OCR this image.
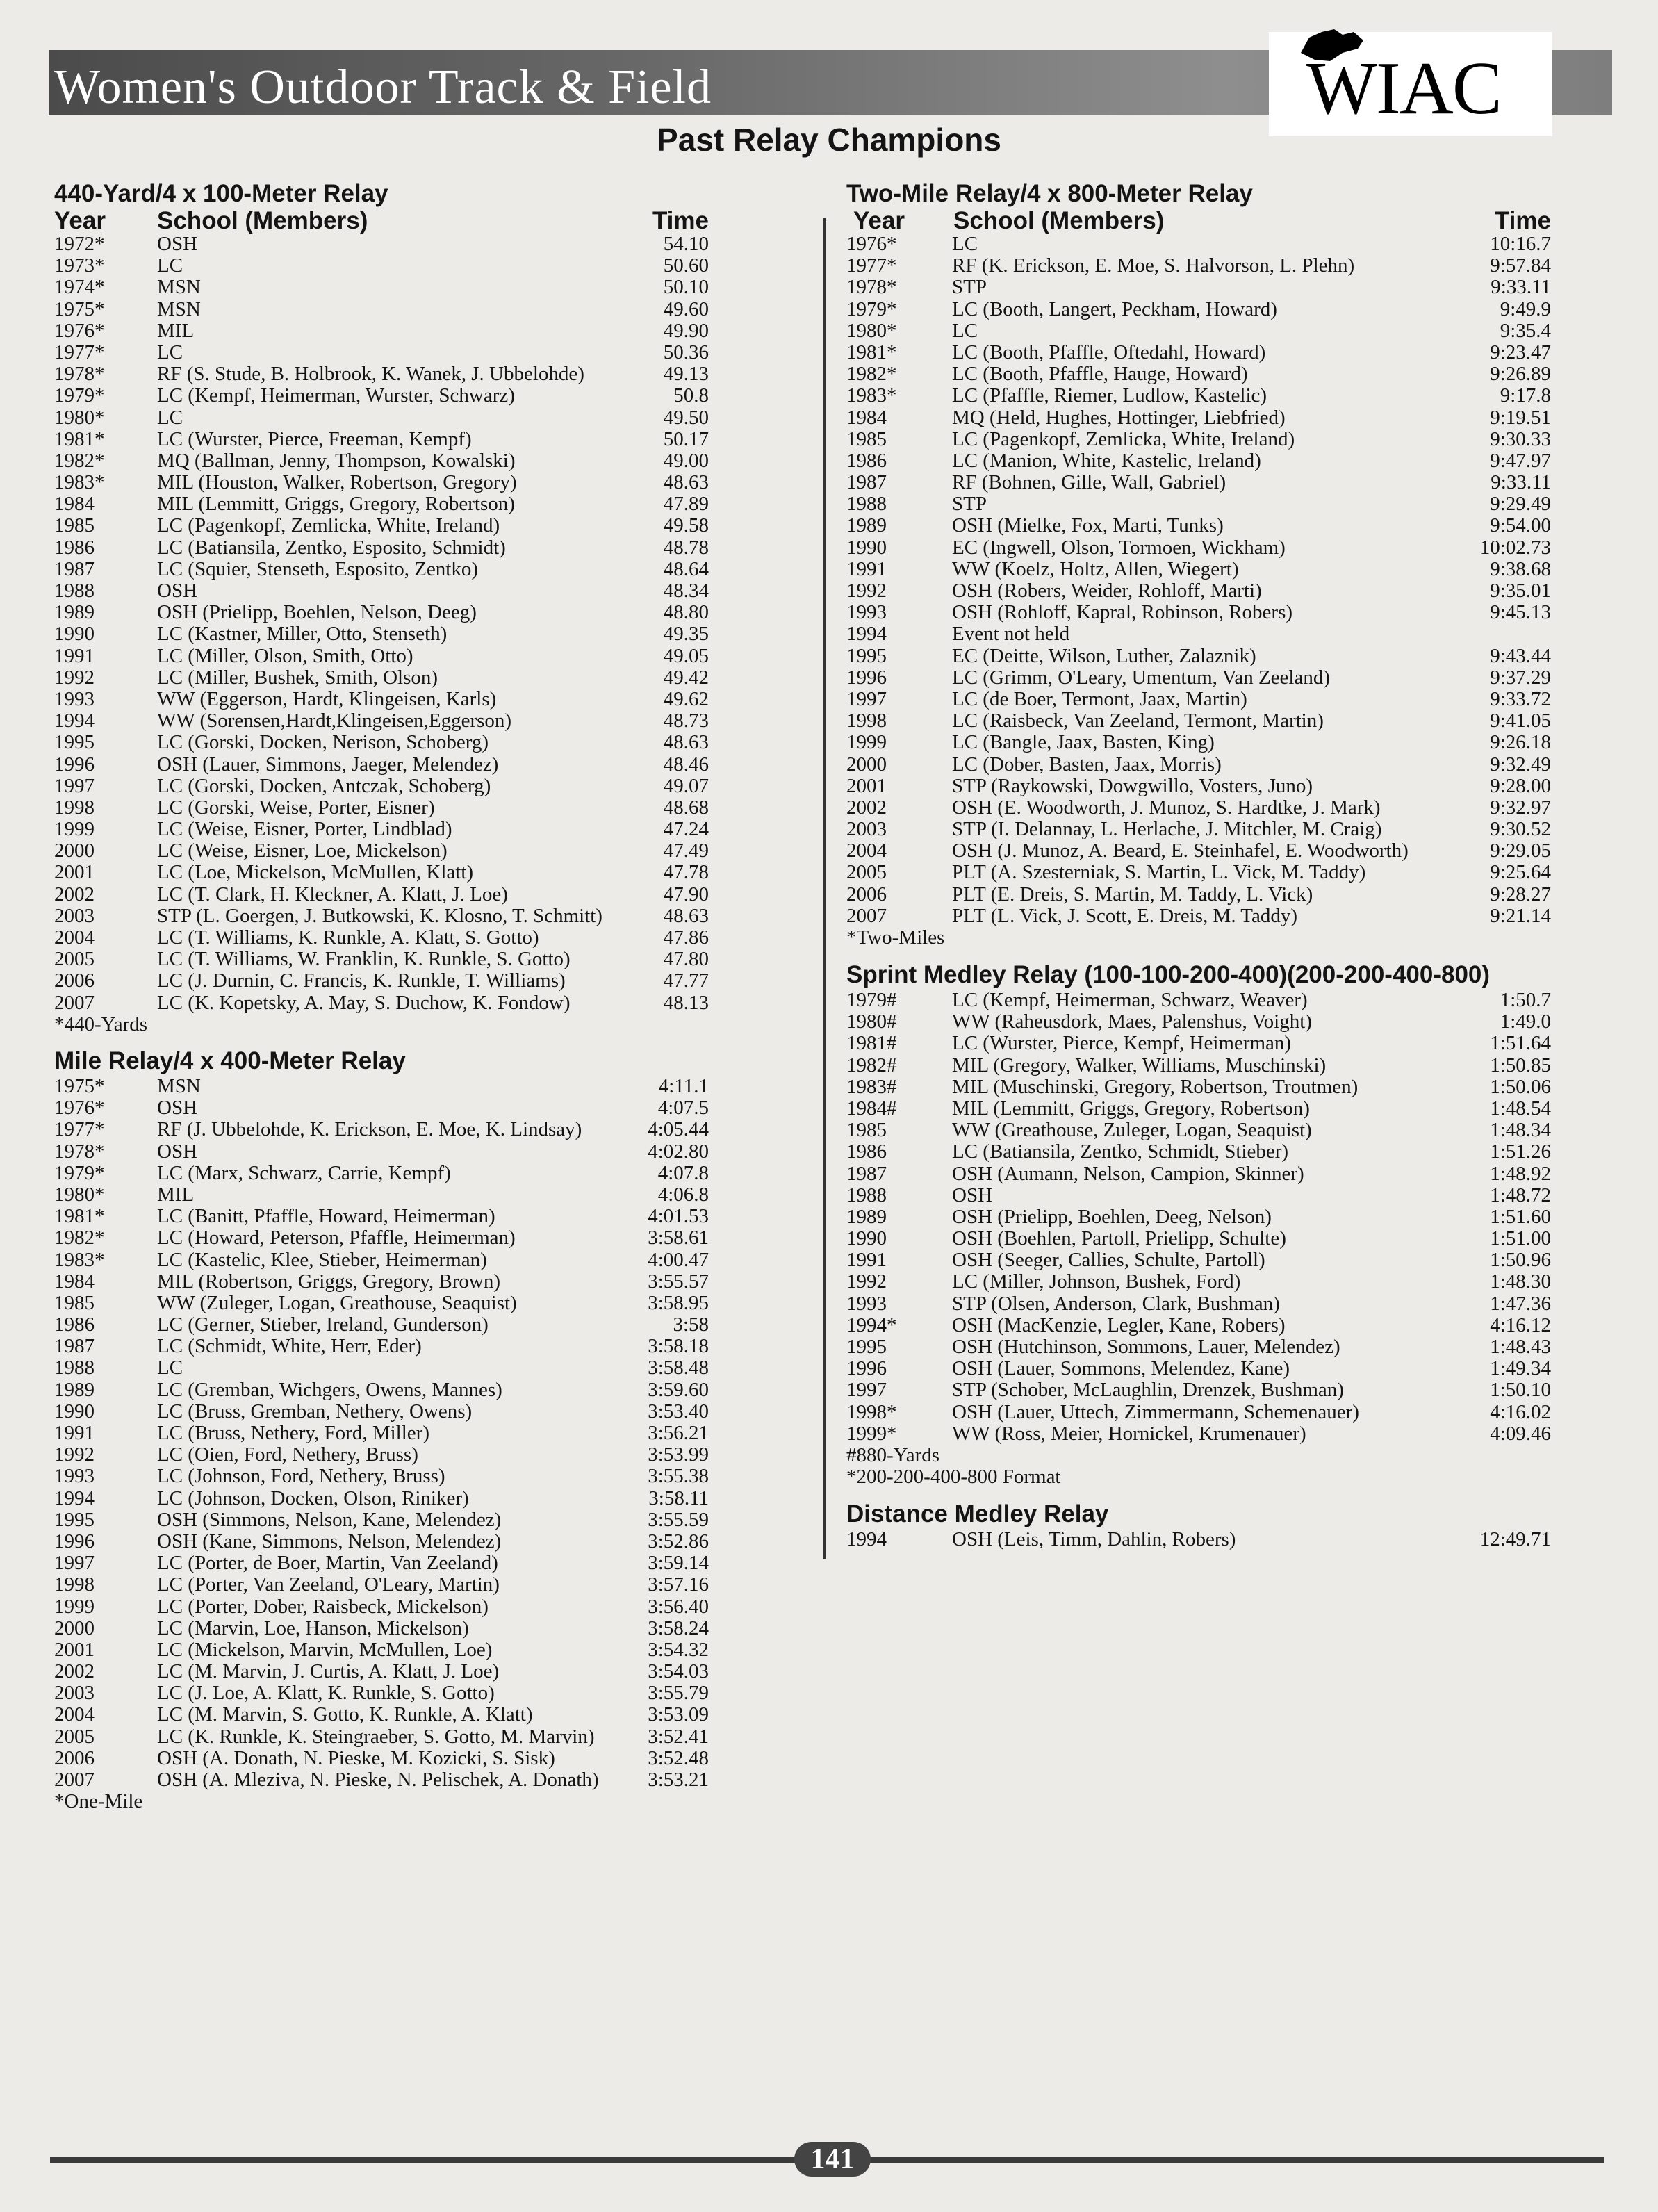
Women's Outdoor Track & Field	WIAC
Past Relay Champions
440-Yard/4 x 100-Meter Relay
Year School (Members)	Time
1972*	OSH	54.10
1973*	LC	50.60
1974*	MSN	50.10
1975*	MSN	49.60
1976*	MIL	49.90
1977*	LC	50.36
1978*	RF (S. Stude, B. Holbrook, K. Wanek, J. Ubbelohde)	49.13
1979*	LC (Kempf, Heimerman, Wurster, Schwarz)	50.8
1980*	LC	49.50
1981*	LC (Wurster, Pierce, Freeman, Kempf)	50.17
1982*	MQ (Ballman, Jenny, Thompson, Kowalski)	49.00
1983*	MIL (Houston, Walker, Robertson, Gregory)	48.63
1984	MIL (Lemmitt, Griggs, Gregory, Robertson)	47.89
1985	LC (Pagenkopf, Zemlicka, White, Ireland)	49.58
1986	LC (Batiansila, Zentko, Esposito, Schmidt)	48.78
1987	LC (Squier, Stenseth, Esposito, Zentko)	48.64
1988	OSH	48.34
1989	OSH (Prielipp, Boehlen, Nelson, Deeg)	48.80
1990	LC (Kastner, Miller, Otto, Stenseth)	49.35
1991	LC (Miller, Olson, Smith, Otto)	49.05
1992	LC (Miller, Bushek, Smith, Olson)	49.42
1993	WW (Eggerson, Hardt, Klingeisen, Karls)	49.62
1994	WW (Sorensen,Hardt,Klingeisen,Eggerson)	48.73
1995	LC (Gorski, Docken, Nerison, Schoberg)	48.63
1996	OSH (Lauer, Simmons, Jaeger, Melendez)	48.46
1997	LC (Gorski, Docken, Antczak, Schoberg)	49.07
1998	LC (Gorski, Weise, Porter, Eisner)	48.68
1999	LC (Weise, Eisner, Porter, Lindblad)	47.24
2000	LC (Weise, Eisner, Loe, Mickelson)	47.49
2001	LC (Loe, Mickelson, McMullen, Klatt)	47.78
2002	LC (T. Clark, H. Kleckner, A. Klatt, J. Loe)	47.90
2003	STP (L. Goergen, J. Butkowski, K. Klosno, T. Schmitt)	48.63
2004	LC (T. Williams, K. Runkle, A. Klatt, S. Gotto)	47.86
2005	LC (T. Williams, W. Franklin, K. Runkle, S. Gotto)	47.80
2006	LC (J. Durnin, C. Francis, K. Runkle, T. Williams)	47.77
2007	LC (K. Kopetsky, A. May, S. Duchow, K. Fondow)	48.13
*440-Yards
Mile Relay/4 x 400-Meter Relay
1975*	MSN	4:11.1
1976*	OSH	4:07.5
1977*	RF (J. Ubbelohde, K. Erickson, E. Moe, K. Lindsay)	4:05.44
1978*	OSH	4:02.80
1979*	LC (Marx, Schwarz, Carrie, Kempf)	4:07.8
1980*	MIL	4:06.8
1981*	LC (Banitt, Pfaffle, Howard, Heimerman)	4:01.53
1982*	LC (Howard, Peterson, Pfaffle, Heimerman)	3:58.61
1983*	LC (Kastelic, Klee, Stieber, Heimerman)	4:00.47
1984	MIL (Robertson, Griggs, Gregory, Brown)	3:55.57
1985	WW (Zuleger, Logan, Greathouse, Seaquist)	3:58.95
1986	LC (Gerner, Stieber, Ireland, Gunderson)	3:58
1987	LC (Schmidt, White, Herr, Eder)	3:58.18
1988	LC	3:58.48
1989	LC (Gremban, Wichgers, Owens, Mannes)	3:59.60
1990	LC (Bruss, Gremban, Nethery, Owens)	3:53.40
1991	LC (Bruss, Nethery, Ford, Miller)	3:56.21
1992	LC (Oien, Ford, Nethery, Bruss)	3:53.99
1993	LC (Johnson, Ford, Nethery, Bruss)	3:55.38
1994	LC (Johnson, Docken, Olson, Riniker)	3:58.11
1995	OSH (Simmons, Nelson, Kane, Melendez)	3:55.59
1996	OSH (Kane, Simmons, Nelson, Melendez)	3:52.86
1997	LC (Porter, de Boer, Martin, Van Zeeland)	3:59.14
1998	LC (Porter, Van Zeeland, O'Leary, Martin)	3:57.16
1999	LC (Porter, Dober, Raisbeck, Mickelson)	3:56.40
2000	LC (Marvin, Loe, Hanson, Mickelson)	3:58.24
2001	LC (Mickelson, Marvin, McMullen, Loe)	3:54.32
2002	LC (M. Marvin, J. Curtis, A. Klatt, J. Loe)	3:54.03
2003	LC (J. Loe, A. Klatt, K. Runkle, S. Gotto)	3:55.79
2004	LC (M. Marvin, S. Gotto, K. Runkle, A. Klatt)	3:53.09
2005	LC (K. Runkle, K. Steingraeber, S. Gotto, M. Marvin)	3:52.41
2006	OSH (A. Donath, N. Pieske, M. Kozicki, S. Sisk)	3:52.48
2007	OSH (A. Mleziva, N. Pieske, N. Pelischek, A. Donath) 3:53.21
*One-Mile
Two-Mile Relay/4 x 800-Meter Relay
Year School (Members)	Time
1976*	LC	10:16.7
1977*	RF (K. Erickson, E. Moe, S. Halvorson, L. Plehn)	9:57.84
1978*	STP	9:33.11
1979*	LC (Booth, Langert, Peckham, Howard)	9:49.9
1980*	LC	9:35.4
1981*	LC (Booth, Pfaffle, Oftedahl, Howard)	9:23.47
1982*	LC (Booth, Pfaffle, Hauge, Howard)	9:26.89
1983*	LC (Pfaffle, Riemer, Ludlow, Kastelic)	9:17.8
1984	MQ (Held, Hughes, Hottinger, Liebfried)	9:19.51
1985	LC (Pagenkopf, Zemlicka, White, Ireland)	9:30.33
1986	LC (Manion, White, Kastelic, Ireland)	9:47.97
1987	RF (Bohnen, Gille, Wall, Gabriel)	9:33.11
1988	STP	9:29.49
1989	OSH (Mielke, Fox, Marti, Tunks)	9:54.00
1990	EC (Ingwell, Olson, Tormoen, Wickham)	10:02.73
1991	WW (Koelz, Holtz, Allen, Wiegert)	9:38.68
1992	OSH (Robers, Weider, Rohloff, Marti)	9:35.01
1993	OSH (Rohloff, Kapral, Robinson, Robers)	9:45.13
1994	Event not held
1995	EC (Deitte, Wilson, Luther, Zalaznik)	9:43.44
1996	LC (Grimm, O'Leary, Umentum, Van Zeeland)	9:37.29
1997	LC (de Boer, Termont, Jaax, Martin)	9:33.72
1998	LC (Raisbeck, Van Zeeland, Termont, Martin)	9:41.05
1999	LC (Bangle, Jaax, Basten, King)	9:26.18
2000	LC (Dober, Basten, Jaax, Morris)	9:32.49
2001	STP (Raykowski, Dowgwillo, Vosters, Juno)	9:28.00
2002	OSH (E. Woodworth, J. Munoz, S. Hardtke, J. Mark)	9:32.97
2003	STP (I. Delannay, L. Herlache, J. Mitchler, M. Craig)	9:30.52
2004	OSH (J. Munoz, A. Beard, E. Steinhafel, E. Woodworth)	9:29.05
2005	PLT (A. Szesterniak, S. Martin, L. Vick, M. Taddy)	9:25.64
2006	PLT (E. Dreis, S. Martin, M. Taddy, L. Vick)	9:28.27
2007	PLT (L. Vick, J. Scott, E. Dreis, M. Taddy)	9:21.14
*Two-Miles
Sprint Medley Relay (100-100-200-400)(200-200-400-800)
1979#	LC (Kempf, Heimerman, Schwarz, Weaver)	1:50.7
1980#	WW (Raheusdork, Maes, Palenshus, Voight)	1:49.0
1981#	LC (Wurster, Pierce, Kempf, Heimerman)	1:51.64
1982#	MIL (Gregory, Walker, Williams, Muschinski)	1:50.85
1983#	MIL (Muschinski, Gregory, Robertson, Troutmen)	1:50.06
1984#	MIL (Lemmitt, Griggs, Gregory, Robertson)	1:48.54
1985	WW (Greathouse, Zuleger, Logan, Seaquist)	1:48.34
1986	LC (Batiansila, Zentko, Schmidt, Stieber)	1:51.26
1987	OSH (Aumann, Nelson, Campion, Skinner)	1:48.92
1988	OSH	1:48.72
1989	OSH (Prielipp, Boehlen, Deeg, Nelson)	1:51.60
1990	OSH (Boehlen, Partoll, Prielipp, Schulte)	1:51.00
1991	OSH (Seeger, Callies, Schulte, Partoll)	1:50.96
1992	LC (Miller, Johnson, Bushek, Ford)	1:48.30
1993	STP (Olsen, Anderson, Clark, Bushman)	1:47.36
1994*	OSH (MacKenzie, Legler, Kane, Robers)	4:16.12
1995	OSH (Hutchinson, Sommons, Lauer, Melendez)	1:48.43
1996	OSH (Lauer, Sommons, Melendez, Kane)	1:49.34
1997	STP (Schober, McLaughlin, Drenzek, Bushman)	1:50.10
1998*	OSH (Lauer, Uttech, Zimmermann, Schemenauer)	4:16.02
1999*	WW (Ross, Meier, Hornickel, Krumenauer)	4:09.46
#880-Yards
*200-200-400-800 Format
Distance Medley Relay
1994	OSH (Leis, Timm, Dahlin, Robers)	12:49.71
141
